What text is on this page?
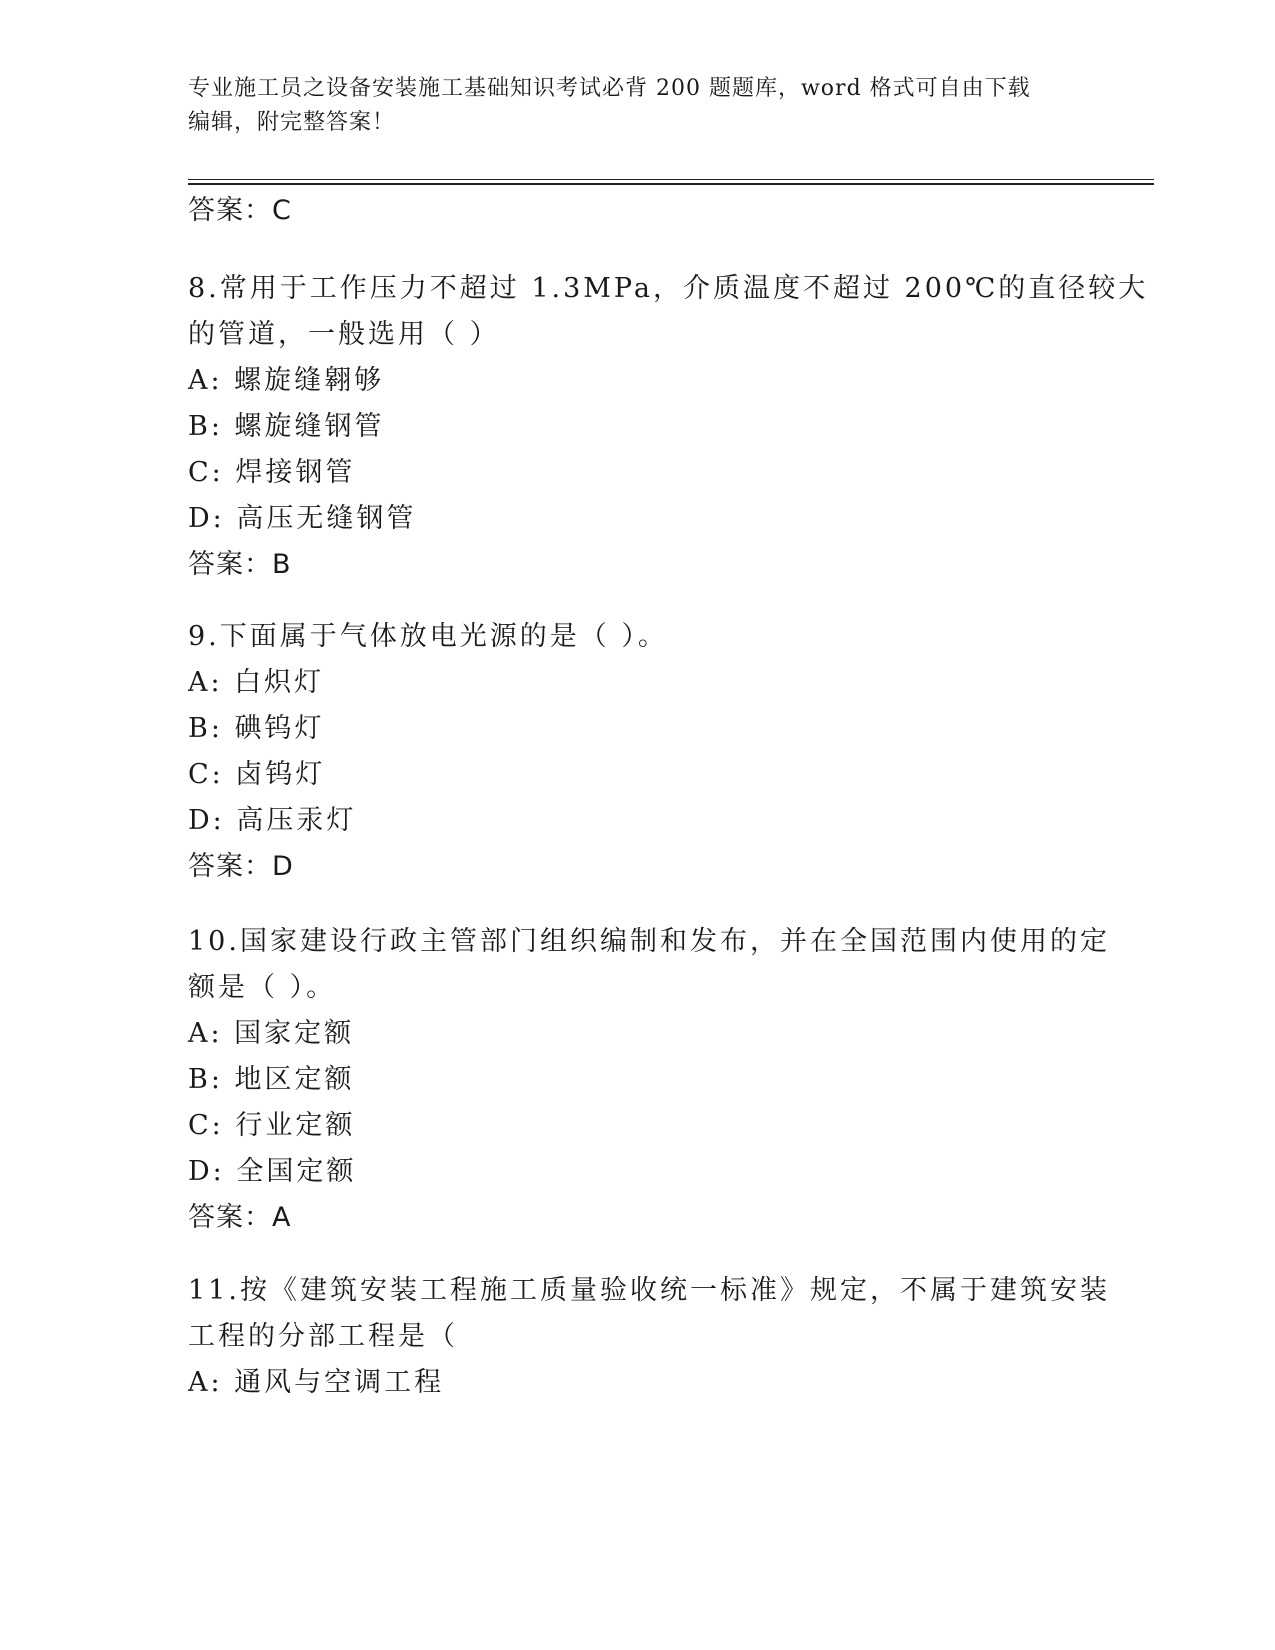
专业施工员之设备安装施工基础知识考试必背 200 题题库，word 格式可自由下载
编辑，附完整答案！
答案：C
8.常用于工作压力不超过 1.3MPa，介质温度不超过 200℃的直径较大
的管道，一般选用（ ）
A: 螺旋缝翱够
B: 螺旋缝钢管
C: 焊接钢管
D: 高压无缝钢管
答案：B
9.下面属于气体放电光源的是（ ）。
A: 白炽灯
B: 碘钨灯
C: 卤钨灯
D: 高压汞灯
答案：D
10.国家建设行政主管部门组织编制和发布，并在全国范围内使用的定
额是（ ）。
A: 国家定额
B: 地区定额
C: 行业定额
D: 全国定额
答案：A
11.按《建筑安装工程施工质量验收统一标准》规定，不属于建筑安装
工程的分部工程是（
A: 通风与空调工程
